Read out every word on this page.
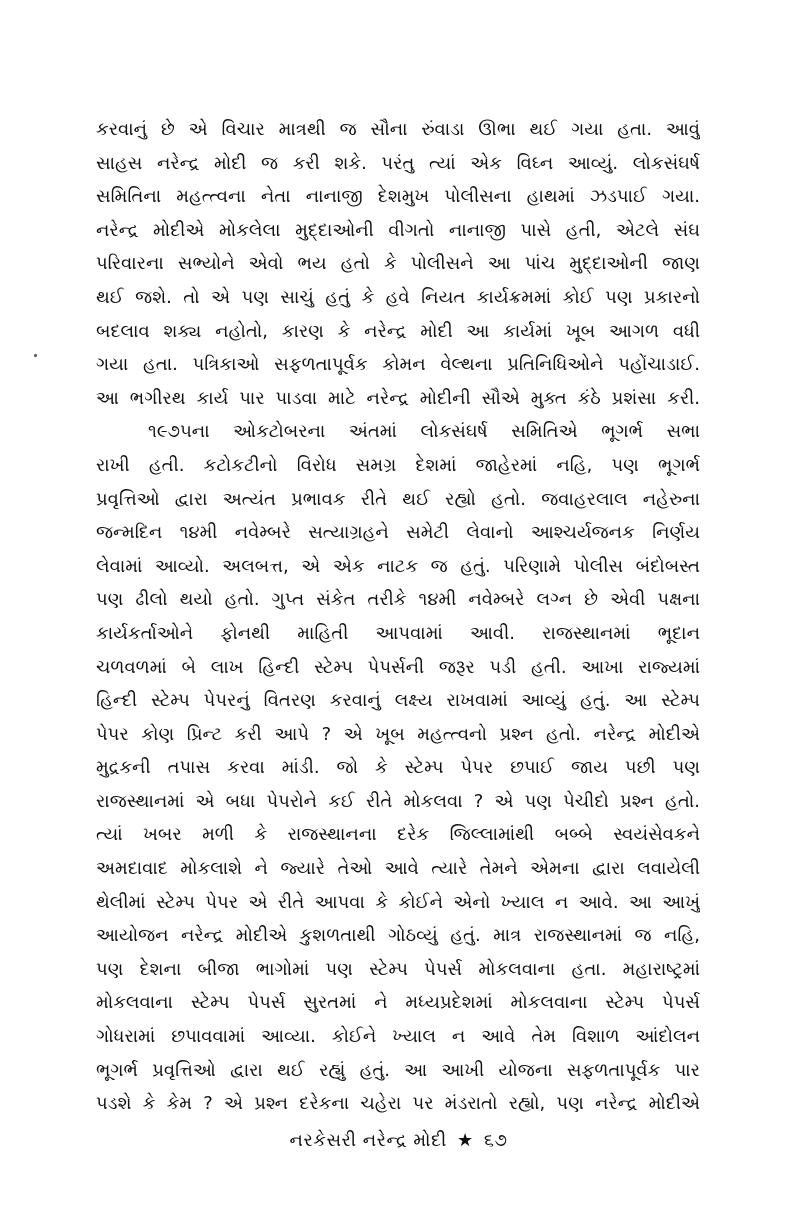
કરવાનું છે એ વિચાર માત્રથી જ સૌના રુંવાડા ઊભા થઈ ગયા હતા. આવું
સાહસ નરેન્દ્ર મોદી જ કરી શકે. પરંતુ ત્યાં એક વિઘ્ન આવ્યું. લોકસંઘર્ષ
સમિતિના મહત્ત્વના નેતા નાનાજી દેશમુખ પોલીસના હાથમાં ઝડપાઈ ગયા.
નરેન્દ્ર મોદીએ મોકલેલા મુદ્દાઓની વીગતો નાનાજી પાસે હતી, એટલે સંઘ
પરિવારના સભ્યોને એવો ભય હતો કે પોલીસને આ પાંચ મુદ્દાઓની જાણ
થઈ જશે. તો એ પણ સાચું હતું કે હવે નિયત કાર્યક્રમમાં કોઈ પણ પ્રકારનો
બદલાવ શક્ય નહોતો, કારણ કે નરેન્દ્ર મોદી આ કાર્યમાં ખૂબ આગળ વધી
ગયા હતા. પત્રિકાઓ સફળતાપૂર્વક કોમન વેલ્થના પ્રતિનિધિઓને પહોંચાડાઈ.
આ ભગીરથ કાર્ય પાર પાડવા માટે નરેન્દ્ર મોદીની સૌએ મુક્ત કંઠે પ્રશંસા કરી.
૧૯૭૫ના ઓકટોબરના અંતમાં લોકસંઘર્ષ સમિતિએ ભૂગર્ભ સભા
રાખી હતી. કટોકટીનો વિરોધ સમગ્ર દેશમાં જાહેરમાં નહિ, પણ ભૂગર્ભ
પ્રવૃત્તિઓ દ્વારા અત્યંત પ્રભાવક રીતે થઈ રહ્યો હતો. જવાહરલાલ નહેરુના
જન્મદિન ૧૪મી નવેમ્બરે સત્યાગ્રહને સમેટી લેવાનો આશ્ચર્યજનક નિર્ણય
લેવામાં આવ્યો. અલબત્ત, એ એક નાટક જ હતું. પરિણામે પોલીસ બંદોબસ્ત
પણ ઢીલો થયો હતો. ગુપ્ત સંકેત તરીકે ૧૪મી નવેમ્બરે લગ્ન છે એવી પક્ષના
કાર્યકર્તાઓને ફોનથી માહિતી આપવામાં આવી. રાજસ્થાનમાં ભૂદાન
ચળવળમાં બે લાખ હિન્દી સ્ટેમ્પ પેપર્સની જરૂર પડી હતી. આખા રાજ્યમાં
હિન્દી સ્ટેમ્પ પેપરનું વિતરણ કરવાનું લક્ષ્ય રાખવામાં આવ્યું હતું. આ સ્ટેમ્પ
પેપર કોણ પ્રિન્ટ કરી આપે ? એ ખૂબ મહત્ત્વનો પ્રશ્ન હતો. નરેન્દ્ર મોદીએ
મુદ્રકની તપાસ કરવા માંડી. જો કે સ્ટેમ્પ પેપર છપાઈ જાય પછી પણ
રાજસ્થાનમાં એ બધા પેપરોને કઈ રીતે મોકલવા ? એ પણ પેચીદો પ્રશ્ન હતો.
ત્યાં ખબર મળી કે રાજસ્થાનના દરેક જિલ્લામાંથી બબ્બે સ્વયંસેવકને
અમદાવાદ મોકલાશે ને જ્યારે તેઓ આવે ત્યારે તેમને એમના દ્વારા લવાયેલી
થેલીમાં સ્ટેમ્પ પેપર એ રીતે આપવા કે કોઈને એનો ખ્યાલ ન આવે. આ આખું
આયોજન નરેન્દ્ર મોદીએ કુશળતાથી ગોઠવ્યું હતું. માત્ર રાજસ્થાનમાં જ નહિ,
પણ દેશના બીજા ભાગોમાં પણ સ્ટેમ્પ પેપર્સ મોકલવાના હતા. મહારાષ્ટ્રમાં
મોકલવાના સ્ટેમ્પ પેપર્સ સુરતમાં ને મધ્યપ્રદેશમાં મોકલવાના સ્ટેમ્પ પેપર્સ
ગોધરામાં છપાવવામાં આવ્યા. કોઈને ખ્યાલ ન આવે તેમ વિશાળ આંદોલન
ભૂગર્ભ પ્રવૃત્તિઓ દ્વારા થઈ રહ્યું હતું. આ આખી યોજના સફળતાપૂર્વક પાર
પડશે કે કેમ ? એ પ્રશ્ન દરેકના ચહેરા પર મંડરાતો રહ્યો, પણ નરેન્દ્ર મોદીએ
નરકેસરી નરેન્દ્ર મોદી ★ ૬૭
